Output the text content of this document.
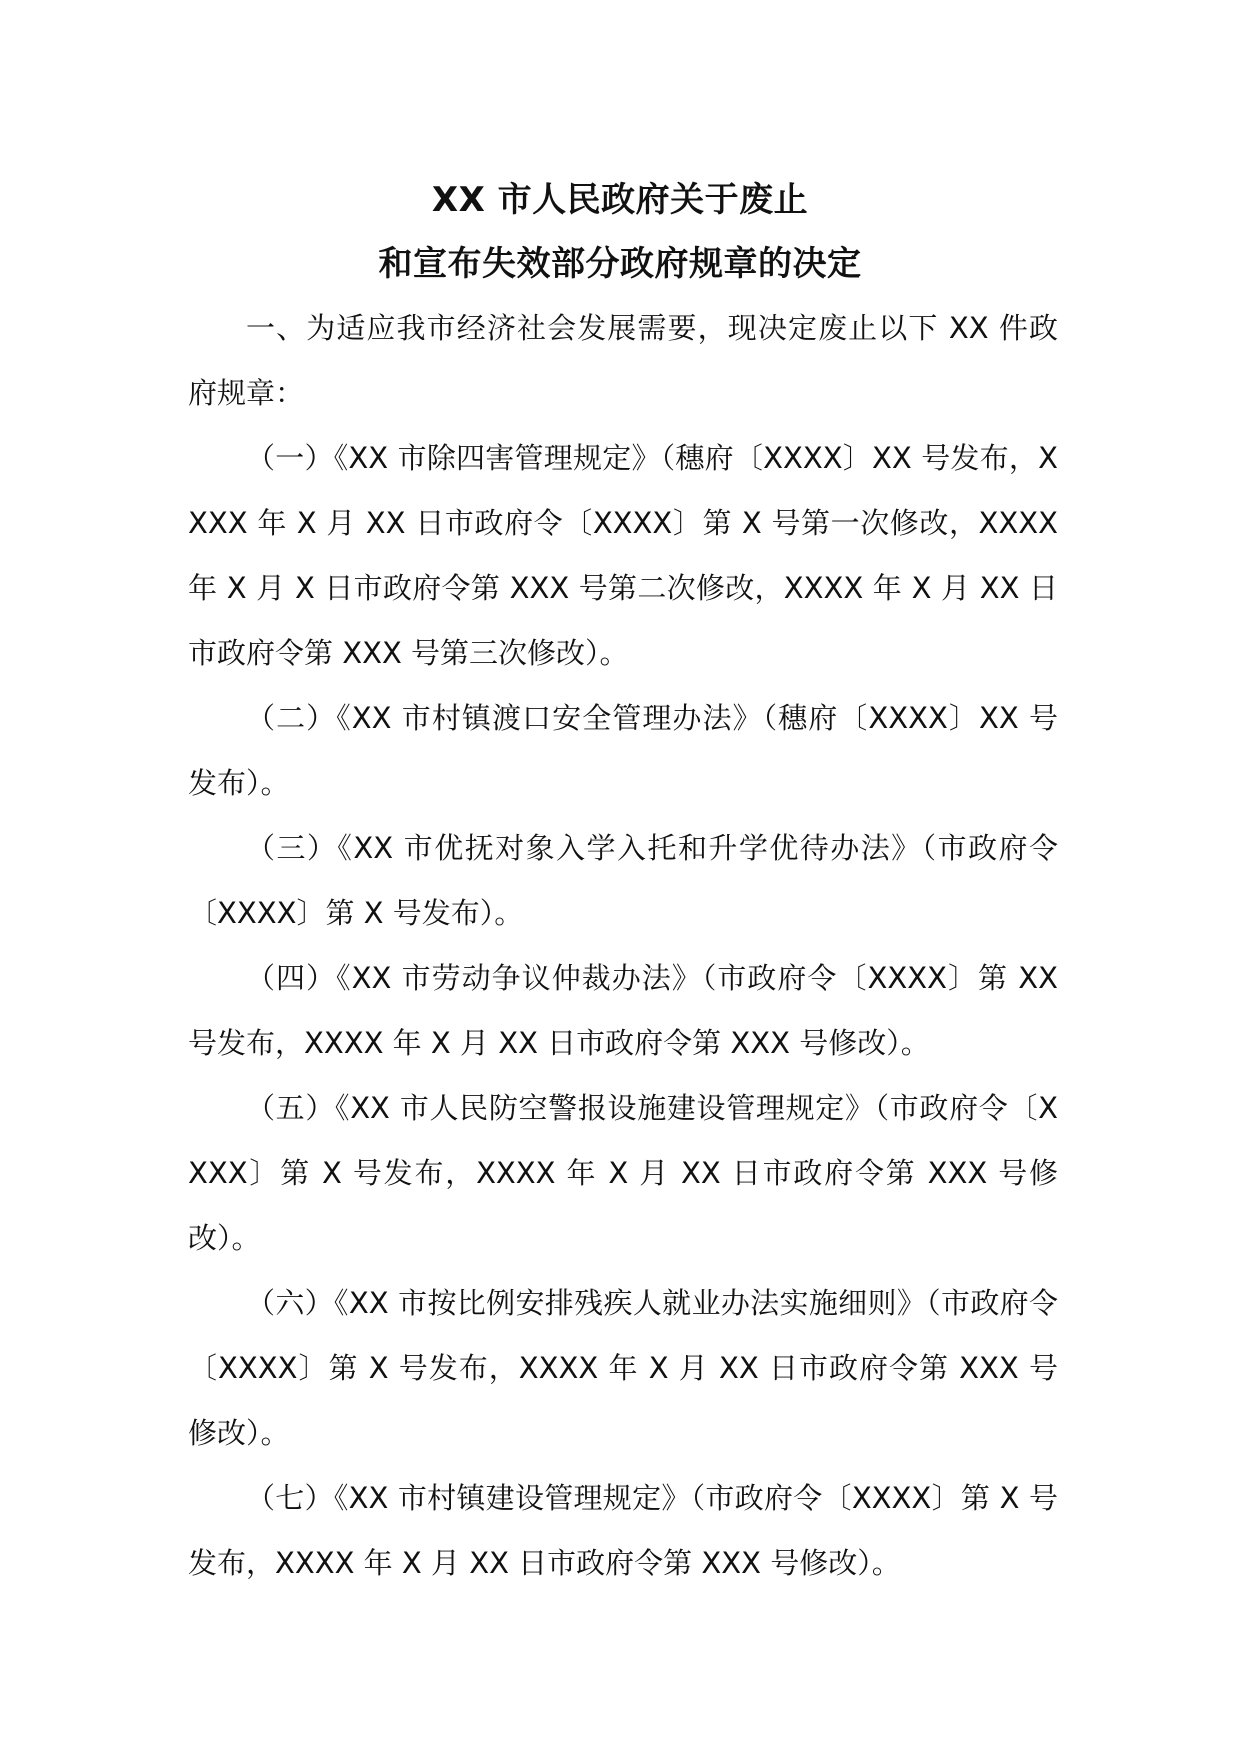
XX 市人民政府关于废止
和宣布失效部分政府规章的决定

一、为适应我市经济社会发展需要，现决定废止以下 XX 件政府规章：

（一）《XX 市除四害管理规定》（穗府〔XXXX〕XX 号发布，XXXX 年 X 月 XX 日市政府令〔XXXX〕第 X 号第一次修改，XXXX 年 X 月 X 日市政府令第 XXX 号第二次修改，XXXX 年 X 月 XX 日市政府令第 XXX 号第三次修改）。

（二）《XX 市村镇渡口安全管理办法》（穗府〔XXXX〕XX 号发布）。

（三）《XX 市优抚对象入学入托和升学优待办法》（市政府令〔XXXX〕第 X 号发布）。

（四）《XX 市劳动争议仲裁办法》（市政府令〔XXXX〕第 XX 号发布，XXXX 年 X 月 XX 日市政府令第 XXX 号修改）。

（五）《XX 市人民防空警报设施建设管理规定》（市政府令〔XXXX〕第 X 号发布，XXXX 年 X 月 XX 日市政府令第 XXX 号修改）。

（六）《XX 市按比例安排残疾人就业办法实施细则》（市政府令〔XXXX〕第 X 号发布，XXXX 年 X 月 XX 日市政府令第 XXX 号修改）。

（七）《XX 市村镇建设管理规定》（市政府令〔XXXX〕第 X 号发布，XXXX 年 X 月 XX 日市政府令第 XXX 号修改）。
